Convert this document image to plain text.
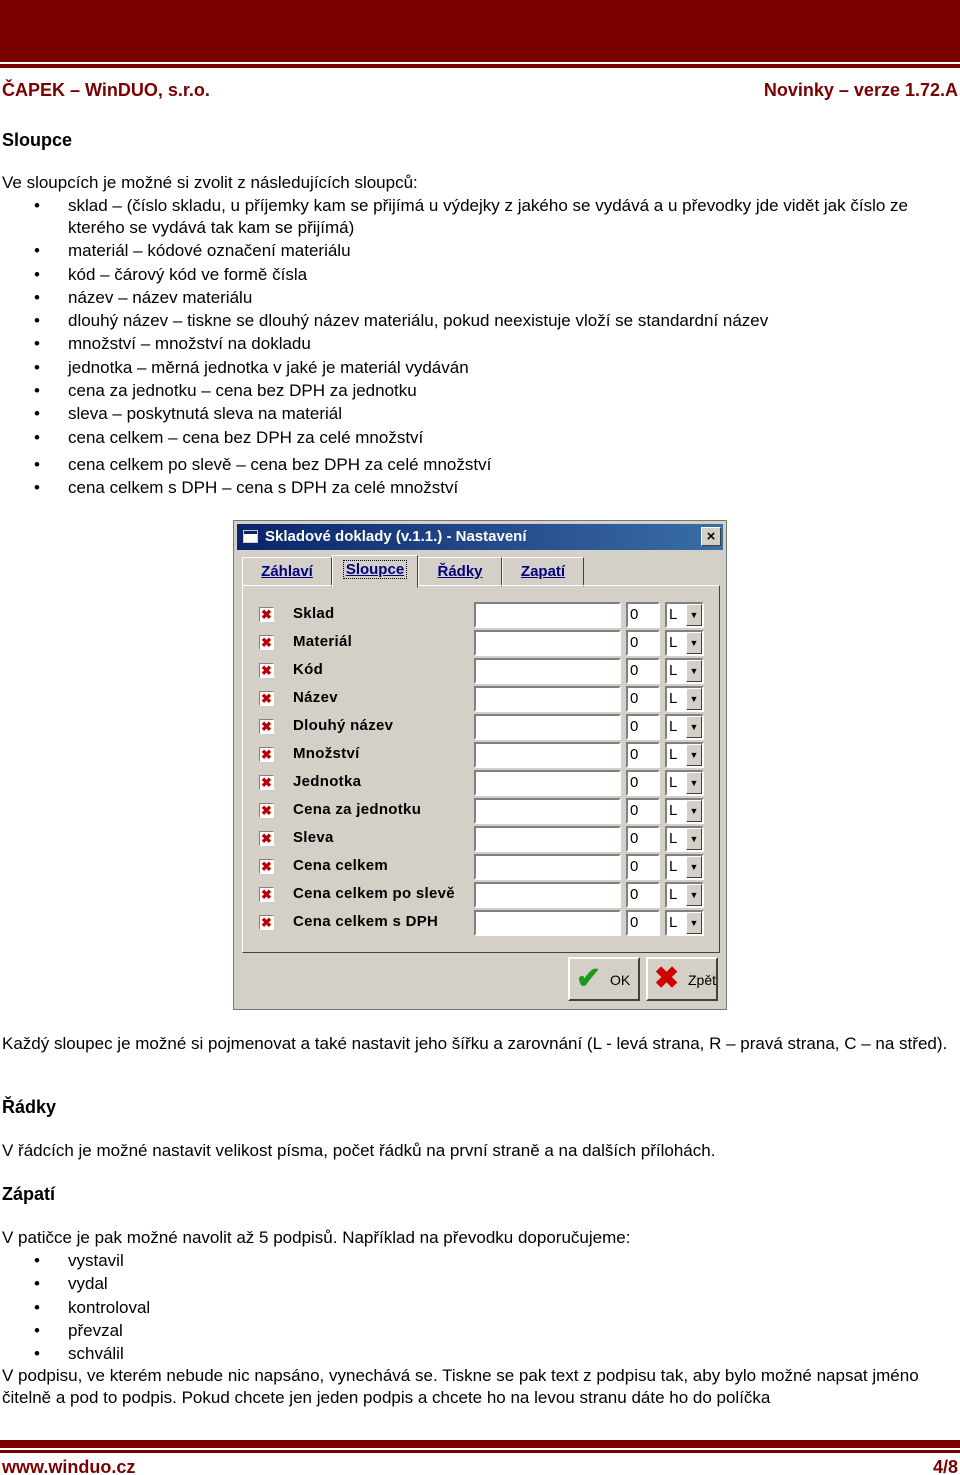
ČAPEK – WinDUO, s.r.o.	Novinky – verze 1.72.A
Sloupce
Ve sloupcích je možné si zvolit z následujících sloupců:
• sklad – (číslo skladu, u příjemky kam se přijímá u výdejky z jakého se vydává a u převodky jde vidět jak číslo ze kterého se vydává tak kam se přijímá)
• materiál – kódové označení materiálu
• kód – čárový kód ve formě čísla
• název – název materiálu
• dlouhý název – tiskne se dlouhý název materiálu, pokud neexistuje vloží se standardní název
• množství – množství na dokladu
• jednotka – měrná jednotka v jaké je materiál vydáván
• cena za jednotku – cena bez DPH za jednotku
• sleva – poskytnutá sleva na materiál
• cena celkem – cena bez DPH za celé množství
• cena celkem po slevě – cena bez DPH za celé množství
• cena celkem s DPH – cena s DPH za celé množství
Skladové doklady (v.1.1.) - Nastavení	×
Záhlaví	Sloupce	Řádky	Zapatí
✖ Sklad	0	L	▼
✖ Materiál	0	L	▼
✖ Kód	0	L	▼
✖ Název	0	L	▼
✖ Dlouhý název	0	L	▼
✖ Množství	0	L	▼
✖ Jednotka	0	L	▼
✖ Cena za jednotku	0	L	▼
✖ Sleva	0	L	▼
✖ Cena celkem	0	L	▼
✖ Cena celkem po slevě	0	L	▼
✖ Cena celkem s DPH	0	L	▼
✔ OK ✖ Zpět
Každý sloupec je možné si pojmenovat a také nastavit jeho šířku a zarovnání (L - levá strana, R – pravá strana, C – na střed).
Řádky
V řádcích je možné nastavit velikost písma, počet řádků na první straně a na dalších přílohách.
Zápatí
V patičce je pak možné navolit až 5 podpisů. Například na převodku doporučujeme:
• vystavil
• vydal
• kontroloval
• převzal
• schválil
V podpisu, ve kterém nebude nic napsáno, vynechává se. Tiskne se pak text z podpisu tak, aby bylo možné napsat jméno čitelně a pod to podpis. Pokud chcete jen jeden podpis a chcete ho na levou stranu dáte ho do políčka
www.winduo.cz	4/8
